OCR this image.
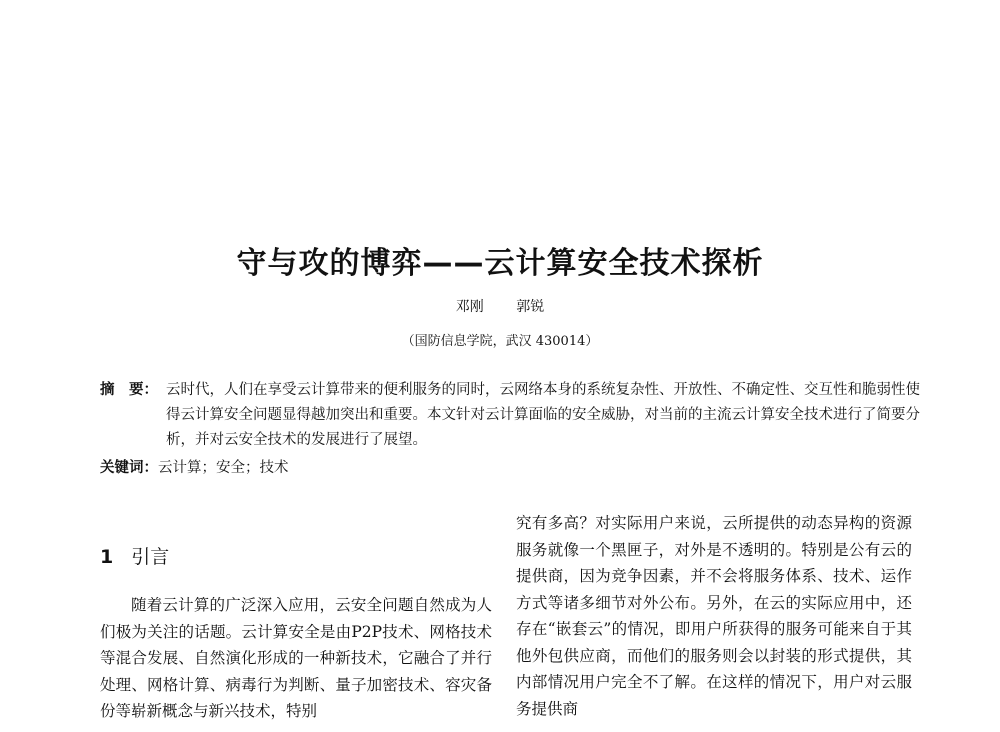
守与攻的博弈——云计算安全技术探析
邓刚 郭锐
（国防信息学院，武汉 430014）
摘　要： 云时代，人们在享受云计算带来的便利服务的同时，云网络本身的系统复杂性、开放性、不确定性、交互性和脆弱性使得云计算安全问题显得越加突出和重要。本文针对云计算面临的安全威胁，对当前的主流云计算安全技术进行了简要分析，并对云安全技术的发展进行了展望。
关键词：云计算；安全；技术
1 引言

随着云计算的广泛深入应用，云安全问题自然成为人们极为关注的话题。云计算安全是由P2P技术、网格技术等混合发展、自然演化形成的一种新技术，它融合了并行处理、网格计算、病毒行为判断、量子加密技术、容灾备份等崭新概念与新兴技术，特别

究有多高？对实际用户来说，云所提供的动态异构的资源服务就像一个黑匣子，对外是不透明的。特别是公有云的提供商，因为竞争因素，并不会将服务体系、技术、运作方式等诸多细节对外公布。另外，在云的实际应用中，还存在“嵌套云”的情况，即用户所获得的服务可能来自于其他外包供应商，而他们的服务则会以封装的形式提供，其内部情况用户完全不了解。在这样的情况下，用户对云服务提供商
